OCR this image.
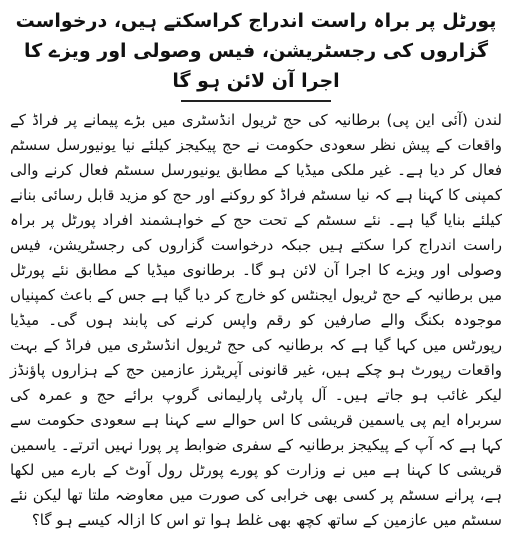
پورٹل پر براہ راست اندراج کراسکتے ہیں، درخواست گزاروں کی رجسٹریشن، فیس وصولی اور ویزے کا اجرا آن لائن ہو گا

لندن (آئی این پی) برطانیہ کی حج ٹریول انڈسٹری میں بڑے پیمانے پر فراڈ کے واقعات کے پیش نظر سعودی حکومت نے حج پیکیجز کیلئے نیا یونیورسل سسٹم فعال کر دیا ہے۔ غیر ملکی میڈیا کے مطابق یونیورسل سسٹم فعال کرنے والی کمپنی کا کہنا ہے کہ نیا سسٹم فراڈ کو روکنے اور حج کو مزید قابل رسائی بنانے کیلئے بنایا گیا ہے۔ نئے سسٹم کے تحت حج کے خواہشمند افراد پورٹل پر براہ راست اندراج کرا سکتے ہیں جبکہ درخواست گزاروں کی رجسٹریشن، فیس وصولی اور ویزے کا اجرا آن لائن ہو گا۔ برطانوی میڈیا کے مطابق نئے پورٹل میں برطانیہ کے حج ٹریول ایجنٹس کو خارج کر دیا گیا ہے جس کے باعث کمپنیاں موجودہ بکنگ والے صارفین کو رقم واپس کرنے کی پابند ہوں گی۔ میڈیا رپورٹس میں کہا گیا ہے کہ برطانیہ کی حج ٹریول انڈسٹری میں فراڈ کے بہت واقعات رپورٹ ہو چکے ہیں، غیر قانونی آپریٹرز عازمین حج کے ہزاروں پاؤنڈز لیکر غائب ہو جاتے ہیں۔ آل پارٹی پارلیمانی گروپ برائے حج و عمرہ کی سربراہ ایم پی یاسمین قریشی کا اس حوالے سے کہنا ہے سعودی حکومت سے کہا ہے کہ آپ کے پیکیجز برطانیہ کے سفری ضوابط پر پورا نہیں اترتے۔ یاسمین قریشی کا کہنا ہے میں نے وزارت کو پورے پورٹل رول آوٹ کے بارے میں لکھا ہے، پرانے سسٹم پر کسی بھی خرابی کی صورت میں معاوضہ ملتا تھا لیکن نئے سسٹم میں عازمین کے ساتھ کچھ بھی غلط ہوا تو اس کا ازالہ کیسے ہو گا؟
